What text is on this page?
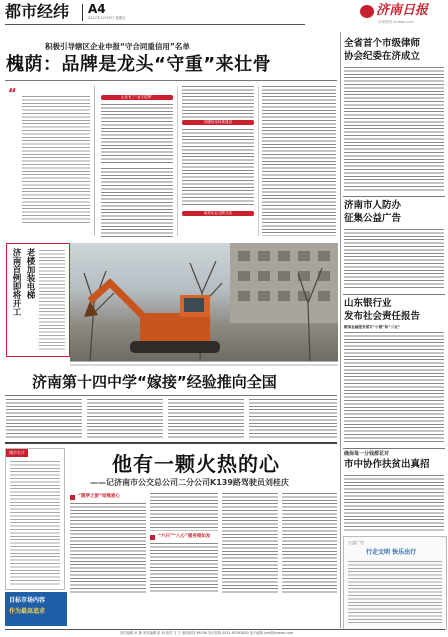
都市经纬 A4
2017年12月8日 星期五	济南日报
济南报网 jnnews.com
积极引导辖区企业申报“守合同重信用”名单
槐荫：品牌是龙头“守重”来壮骨
“	企业有了“金字招牌”
加强信用体系建设
政府企业互联互动
济南首例即将开工 老楼加装电梯
济南第十四中学“嫁接”经验推向全国
城市名片	他有一颗火热的心
——记济南市公交总公司二分公司K139路驾驶员刘桂庆
“圆梦之旅”结缘爱心
“六只”“八心”服务细如发
目标市场内容
作为最高追求
全省首个市级律师
协会纪委在济成立
济南市人防办
征集公益广告
山东银行业
发布社会责任报告
精准金融服务谱写“小微”和“三农”
确保每一分钱都花对
市中协作扶贫出真招
公益广告
行走文明 快乐出行
责任编辑 孙 静 美术编辑 张 迪 校对 王 宁 新闻热线 96706 发行热线 0531-85193000 电子邮箱 jnrb@jnnews.com
